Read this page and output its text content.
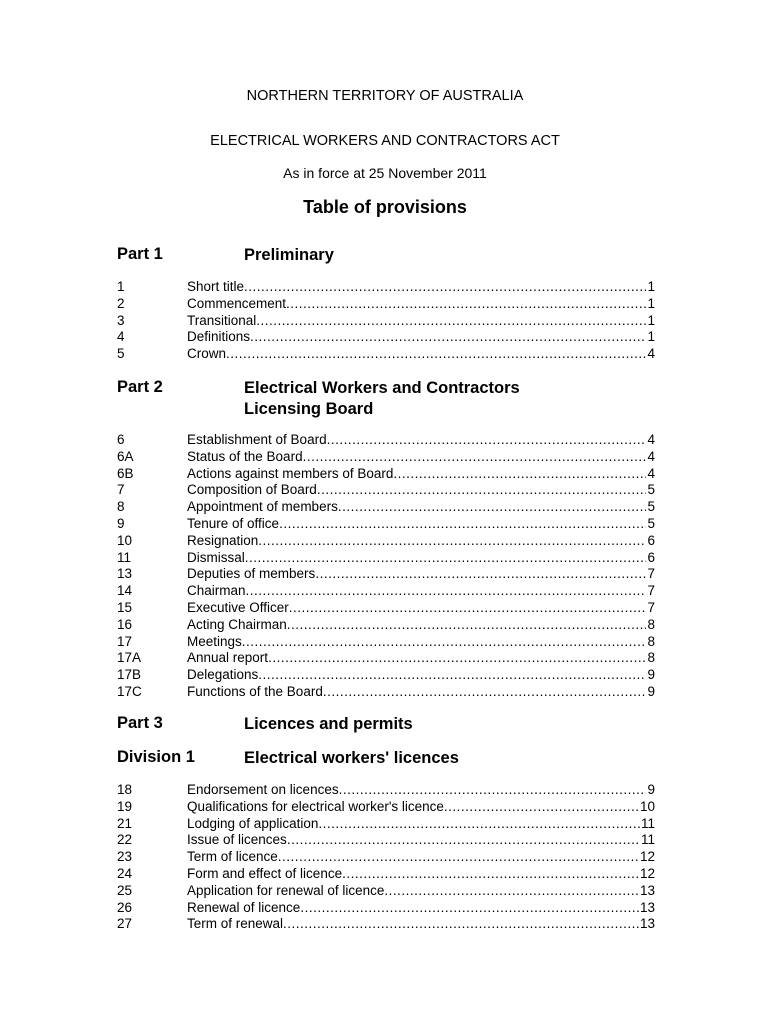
NORTHERN TERRITORY OF AUSTRALIA
ELECTRICAL WORKERS AND CONTRACTORS ACT
As in force at 25 November 2011
Table of provisions
Part 1	Preliminary
1	Short title .....	1
2	Commencement .....	1
3	Transitional .....	1
4	Definitions .....	1
5	Crown .....	4
Part 2	Electrical Workers and Contractors
Licensing Board
6	Establishment of Board .....	4
6A	Status of the Board .....	4
6B	Actions against members of Board .....	4
7	Composition of Board .....	5
8	Appointment of members .....	5
9	Tenure of office .....	5
10	Resignation .....	6
11	Dismissal .....	6
13	Deputies of members .....	7
14	Chairman .....	7
15	Executive Officer .....	7
16	Acting Chairman .....	8
17	Meetings .....	8
17A	Annual report .....	8
17B	Delegations .....	9
17C	Functions of the Board .....	9
Part 3	Licences and permits
Division 1	Electrical workers' licences
18	Endorsement on licences .....	9
19	Qualifications for electrical worker's licence .....	10
21	Lodging of application .....	11
22	Issue of licences .....	11
23	Term of licence .....	12
24	Form and effect of licence .....	12
25	Application for renewal of licence .....	13
26	Renewal of licence .....	13
27	Term of renewal .....	13
